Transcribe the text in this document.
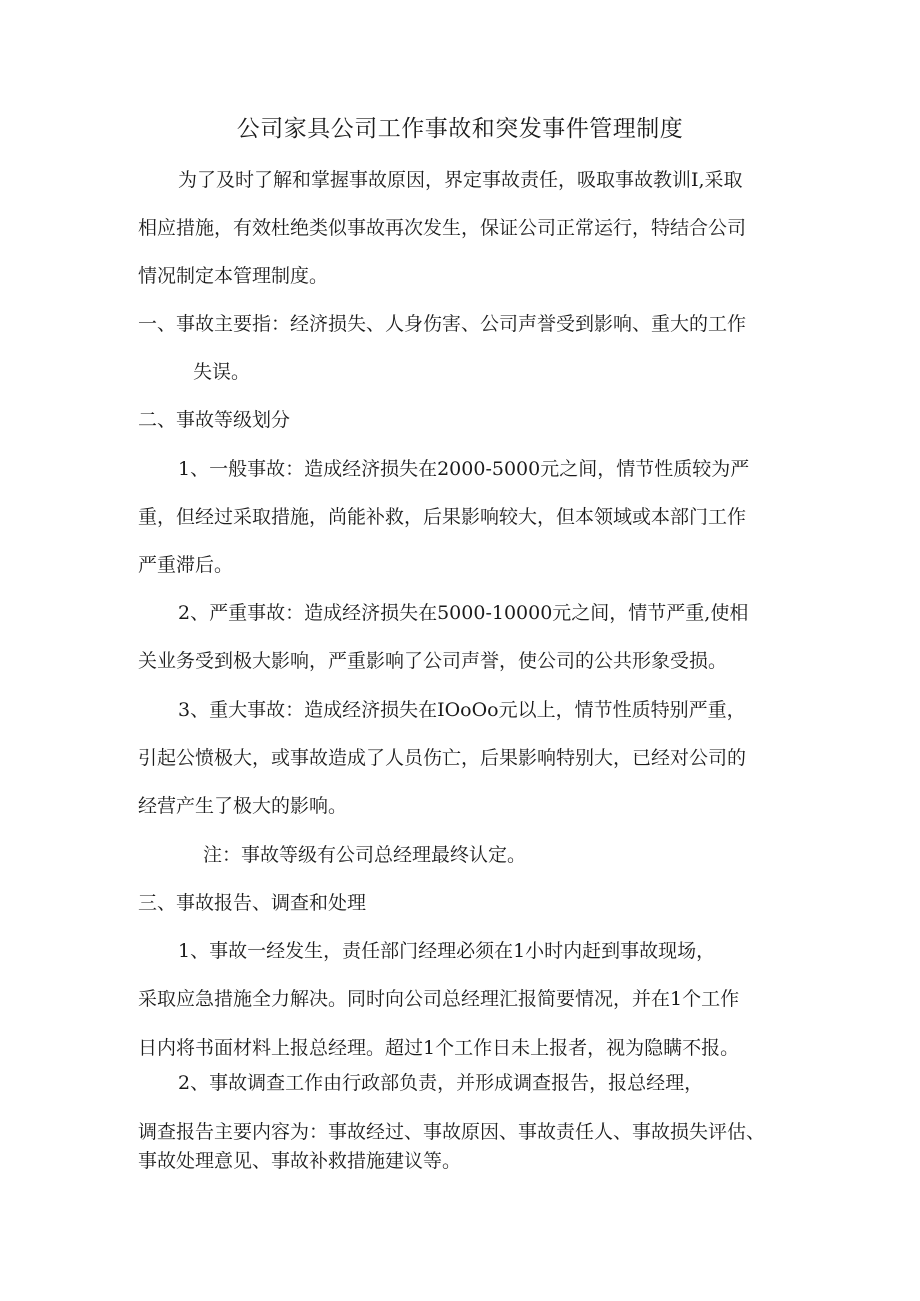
公司家具公司工作事故和突发事件管理制度

为了及时了解和掌握事故原因，界定事故责任，吸取事故教训I,采取

相应措施，有效杜绝类似事故再次发生，保证公司正常运行，特结合公司

情况制定本管理制度。

一、事故主要指：经济损失、人身伤害、公司声誉受到影响、重大的工作

失误。

二、事故等级划分

1、一般事故：造成经济损失在2000-5000元之间，情节性质较为严

重，但经过采取措施，尚能补救，后果影响较大，但本领域或本部门工作

严重滞后。

2、严重事故：造成经济损失在5000-10000元之间，情节严重,使相

关业务受到极大影响，严重影响了公司声誉，使公司的公共形象受损。

3、重大事故：造成经济损失在IOoOo元以上，情节性质特别严重，

引起公愤极大，或事故造成了人员伤亡，后果影响特别大，已经对公司的

经营产生了极大的影响。

注：事故等级有公司总经理最终认定。

三、事故报告、调查和处理

1、事故一经发生，责任部门经理必须在1小时内赶到事故现场，

采取应急措施全力解决。同时向公司总经理汇报简要情况，并在1个工作

日内将书面材料上报总经理。超过1个工作日未上报者，视为隐瞒不报。

2、事故调查工作由行政部负责，并形成调查报告，报总经理，

调查报告主要内容为：事故经过、事故原因、事故责任人、事故损失评估、

事故处理意见、事故补救措施建议等。
